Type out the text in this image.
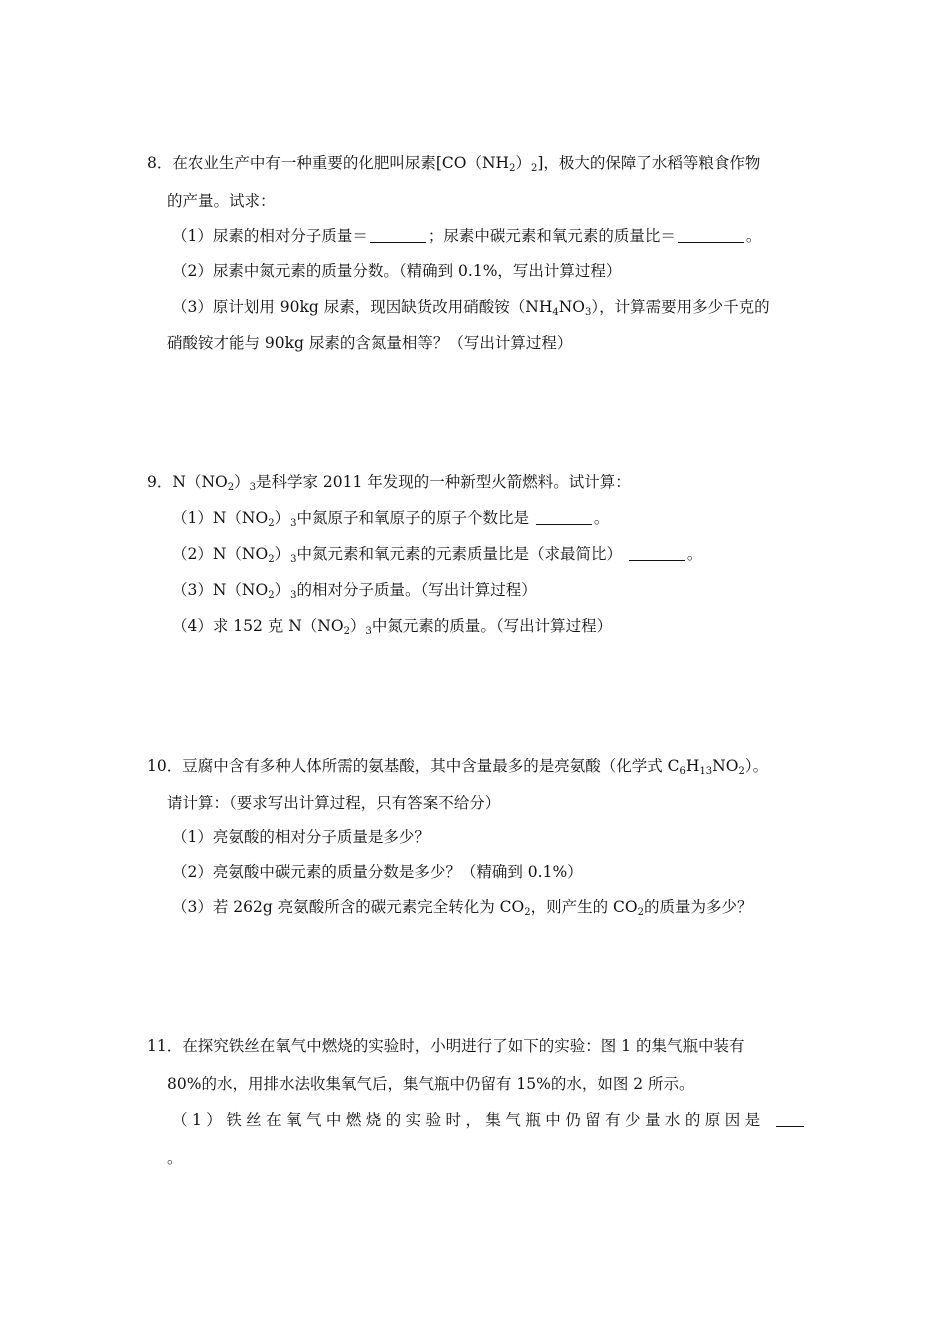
8．在农业生产中有一种重要的化肥叫尿素$[CO(NH_2)_2]$，极大的保障了水稻等粮食作物
的产量。试求：
（1）尿素的相对分子质量＝	；尿素中碳元素和氧元素的质量比＝	。
（2）尿素中氮元素的质量分数。（精确到 0.1%，写出计算过程）
（3）原计划用 90kg 尿素，现因缺货改用硝酸铵$(NH_4NO_3)$，计算需要用多少千克的
硝酸铵才能与 90kg 尿素的含氮量相等？（写出计算过程）
9．$N(NO_2)_3$是科学家 2011 年发现的一种新型火箭燃料。试计算：
$(1)N(NO_2)_3$中氮原子和氧原子的原子个数比是	。
$(2)N(NO_2)_3$中氮元素和氧元素的元素质量比是（求最简比）	。
$(3)N(NO_2)_3$的相对分子质量。（写出计算过程）
（4）求 152 克 $N(NO_2)_3$中氮元素的质量。（写出计算过程）
10．豆腐中含有多种人体所需的氨基酸，其中含量最多的是亮氨酸（化学式 $C_6H_{13}NO_2$）。
请计算：（要求写出计算过程，只有答案不给分）
（1）亮氨酸的相对分子质量是多少？
（2）亮氨酸中碳元素的质量分数是多少？（精确到 0.1%）
（3）若 262g 亮氨酸所含的碳元素完全转化为 $CO_2$，则产生的 $CO_2$的质量为多少？
11．在探究铁丝在氧气中燃烧的实验时，小明进行了如下的实验：图 1 的集气瓶中装有
80%的水，用排水法收集氧气后，集气瓶中仍留有 15%的水，如图 2 所示。
（1）铁丝在氧气中燃烧的实验时，集气瓶中仍留有少量水的原因是
。
